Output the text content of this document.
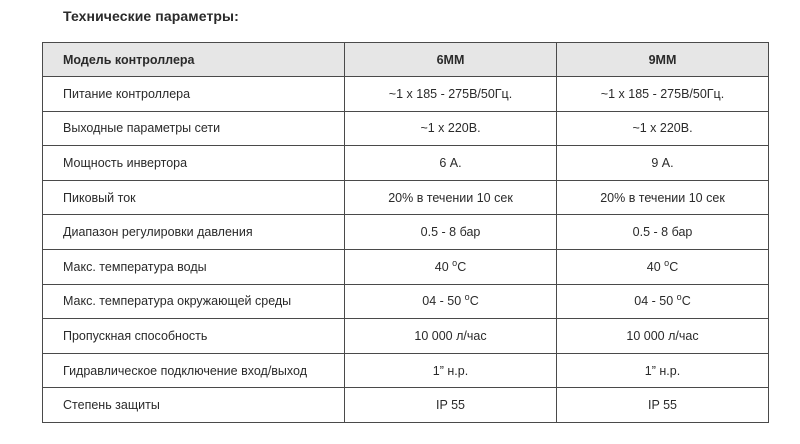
Технические параметры:
Модель контроллера	6MM	9MM
Питание контроллера	~1 x 185 - 275В/50Гц.	~1 x 185 - 275В/50Гц.
Выходные параметры сети	~1 x 220В.	~1 x 220В.
Мощность инвертора	6 А.	9 А.
Пиковый ток	20% в течении 10 сек	20% в течении 10 сек
Диапазон регулировки давления	0.5 - 8 бар	0.5 - 8 бар
Макс. температура воды	40 $^о$С	40 $^о$С
Макс. температура окружающей среды	04 - 50 $^о$С	04 - 50 $^о$С
Пропускная способность	10 000 л/час	10 000 л/час
Гидравлическое подключение вход/выход	1” н.р.	1” н.р.
Степень защиты	IP 55	IP 55
